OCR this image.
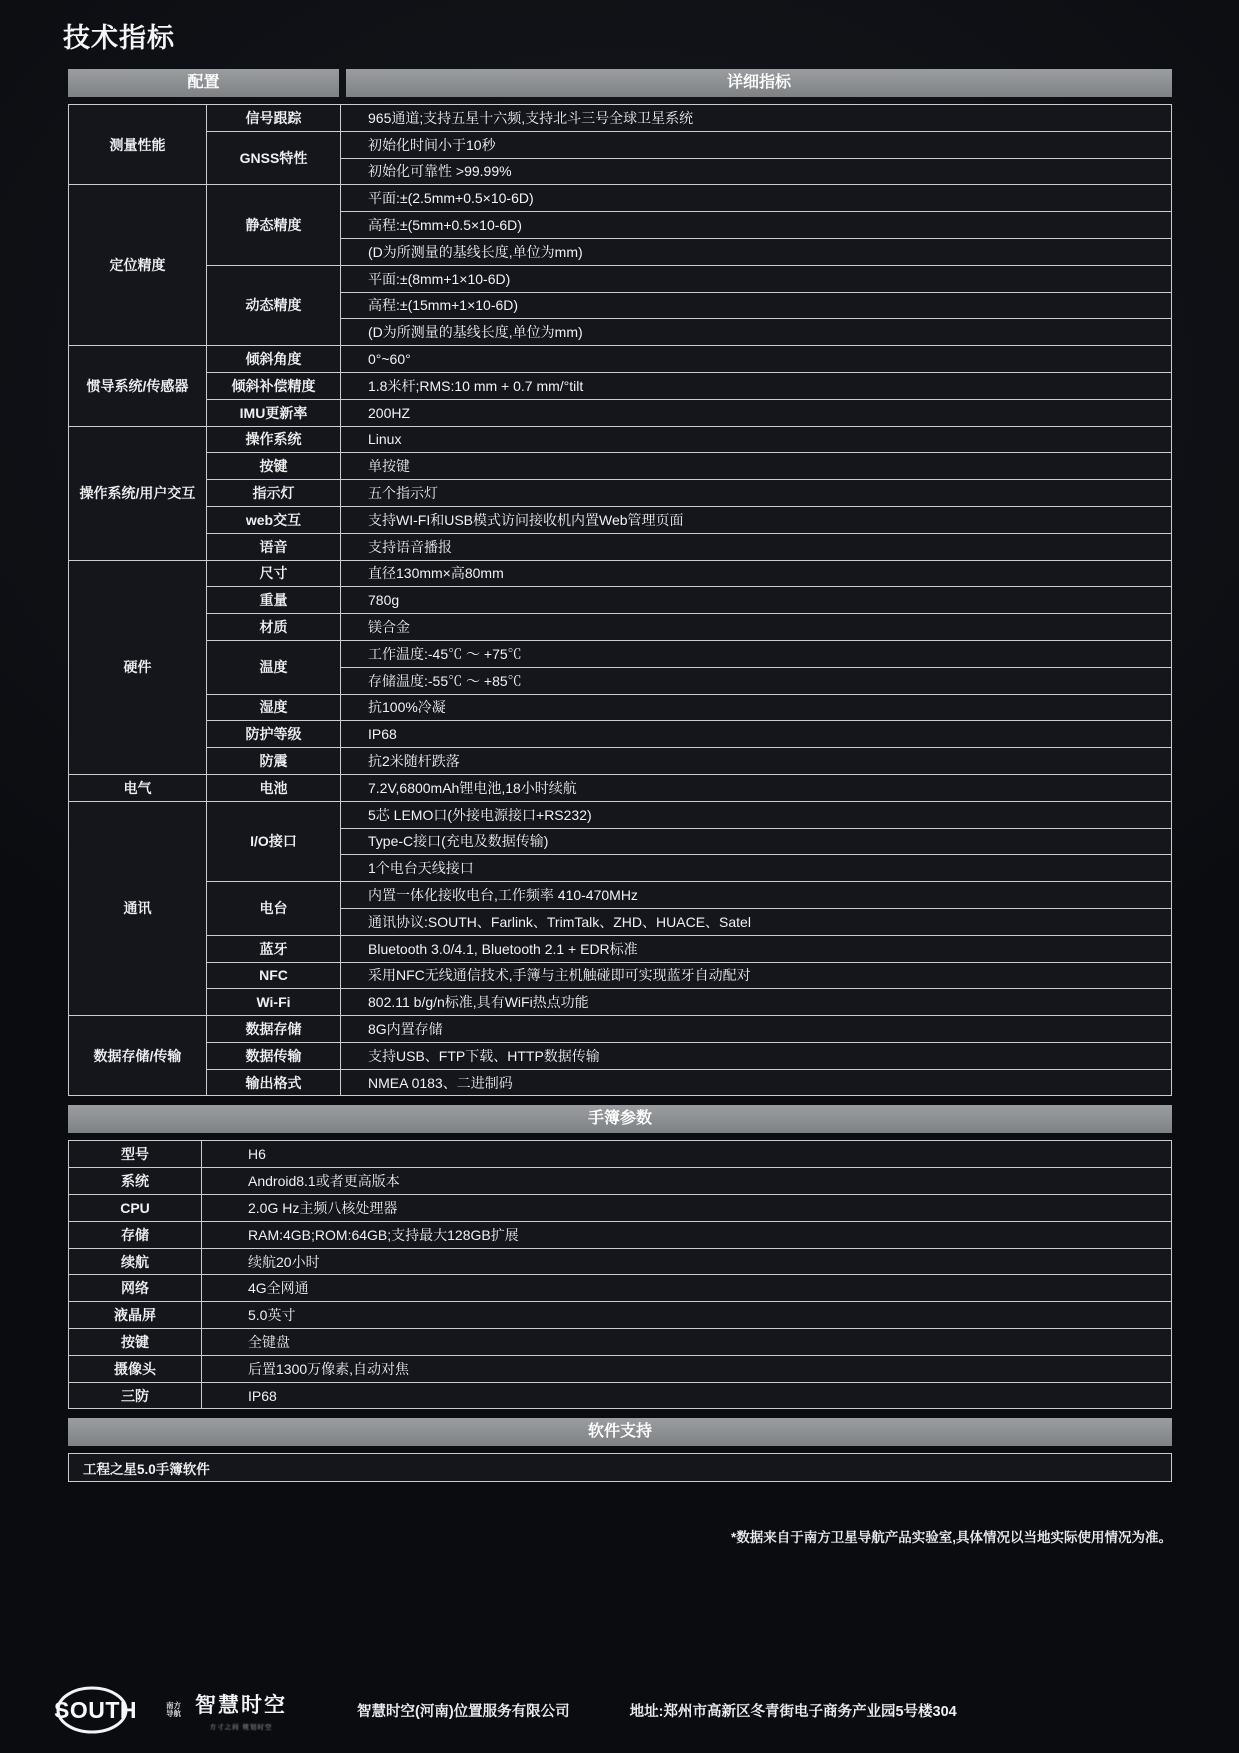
技术指标
配置	详细指标
测量性能	信号跟踪	965通道;支持五星十六频,支持北斗三号全球卫星系统
	GNSS特性	初始化时间小于10秒
		初始化可靠性 >99.99%
定位精度	静态精度	平面:±(2.5mm+0.5×10-6D)
		高程:±(5mm+0.5×10-6D)
		(D为所测量的基线长度,单位为mm)
	动态精度	平面:±(8mm+1×10-6D)
		高程:±(15mm+1×10-6D)
		(D为所测量的基线长度,单位为mm)
惯导系统/传感器	倾斜角度	0°~60°
	倾斜补偿精度	1.8米杆;RMS:10 mm + 0.7 mm/°tilt
	IMU更新率	200HZ
操作系统/用户交互	操作系统	Linux
	按键	单按键
	指示灯	五个指示灯
	web交互	支持WI-FI和USB模式访问接收机内置Web管理页面
	语音	支持语音播报
硬件	尺寸	直径130mm×高80mm
	重量	780g
	材质	镁合金
	温度	工作温度:-45℃ ～ +75℃
		存储温度:-55℃ ～ +85℃
	湿度	抗100%冷凝
	防护等级	IP68
	防震	抗2米随杆跌落
电气	电池	7.2V,6800mAh锂电池,18小时续航
通讯	I/O接口	5芯 LEMO口(外接电源接口+RS232)
		Type-C接口(充电及数据传输)
		1个电台天线接口
	电台	内置一体化接收电台,工作频率 410-470MHz
		通讯协议:SOUTH、Farlink、TrimTalk、ZHD、HUACE、Satel
	蓝牙	Bluetooth 3.0/4.1, Bluetooth 2.1 + EDR标准
	NFC	采用NFC无线通信技术,手簿与主机触碰即可实现蓝牙自动配对
	Wi-Fi	802.11 b/g/n标准,具有WiFi热点功能
数据存储/传输	数据存储	8G内置存储
	数据传输	支持USB、FTP下载、HTTP数据传输
	输出格式	NMEA 0183、二进制码
手簿参数
型号	H6
系统	Android8.1或者更高版本
CPU	2.0G Hz主频八核处理器
存储	RAM:4GB;ROM:64GB;支持最大128GB扩展
续航	续航20小时
网络	4G全网通
液晶屏	5.0英寸
按键	全键盘
摄像头	后置1300万像素,自动对焦
三防	IP68
软件支持
工程之星5.0手簿软件
*数据来自于南方卫星导航产品实验室,具体情况以当地实际使用情况为准。
SOUTH	南方
导航 智慧时空
方寸之间 规划时空
智慧时空(河南)位置服务有限公司	地址:郑州市高新区冬青街电子商务产业园5号楼304
